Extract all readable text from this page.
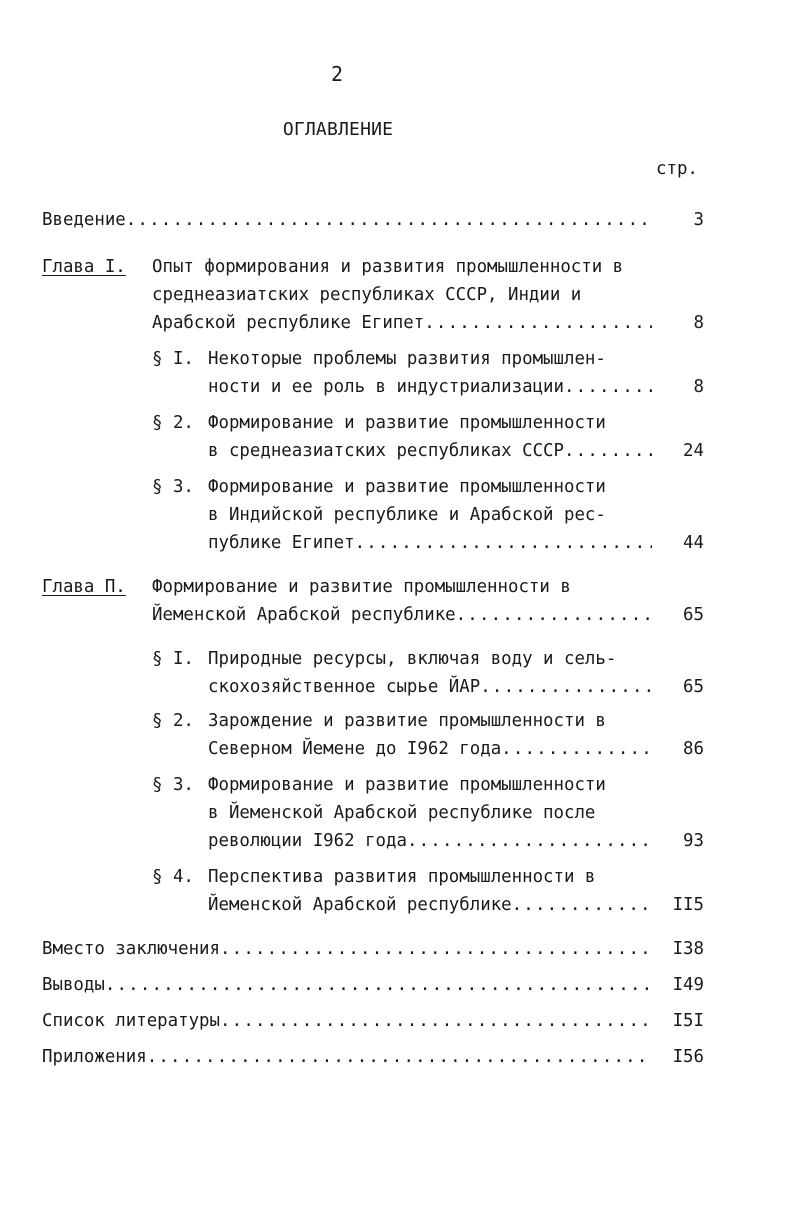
2
ОГЛАВЛЕНИЕ
стр.
Введение .....	3
Глава I. Опыт формирования и развития промышленности в
среднеазиатских республиках СССР, Индии и
Арабской республике Египет .....	8
§ I. Некоторые проблемы развития промышлен-
ности и ее роль в индустриализации .....	8
§ 2. Формирование и развитие промышленности
в среднеазиатских республиках СССР .....	24
§ 3. Формирование и развитие промышленности
в Индийской республике и Арабской рес-
публике Египет .....	44
Глава П. Формирование и развитие промышленности в
Йеменской Арабской республике .....	65
§ I. Природные ресурсы, включая воду и сель-
скохозяйственное сырье ЙАР .....	65
§ 2. Зарождение и развитие промышленности в
Северном Йемене до I962 года .....	86
§ 3. Формирование и развитие промышленности
в Йеменской Арабской республике после
революции I962 года .....	93
§ 4. Перспектива развития промышленности в
Йеменской Арабской республике .....	II5
Вместо заключения .....	I38
Выводы .....	I49
Список литературы .....	I5I
Приложения .....	I56
